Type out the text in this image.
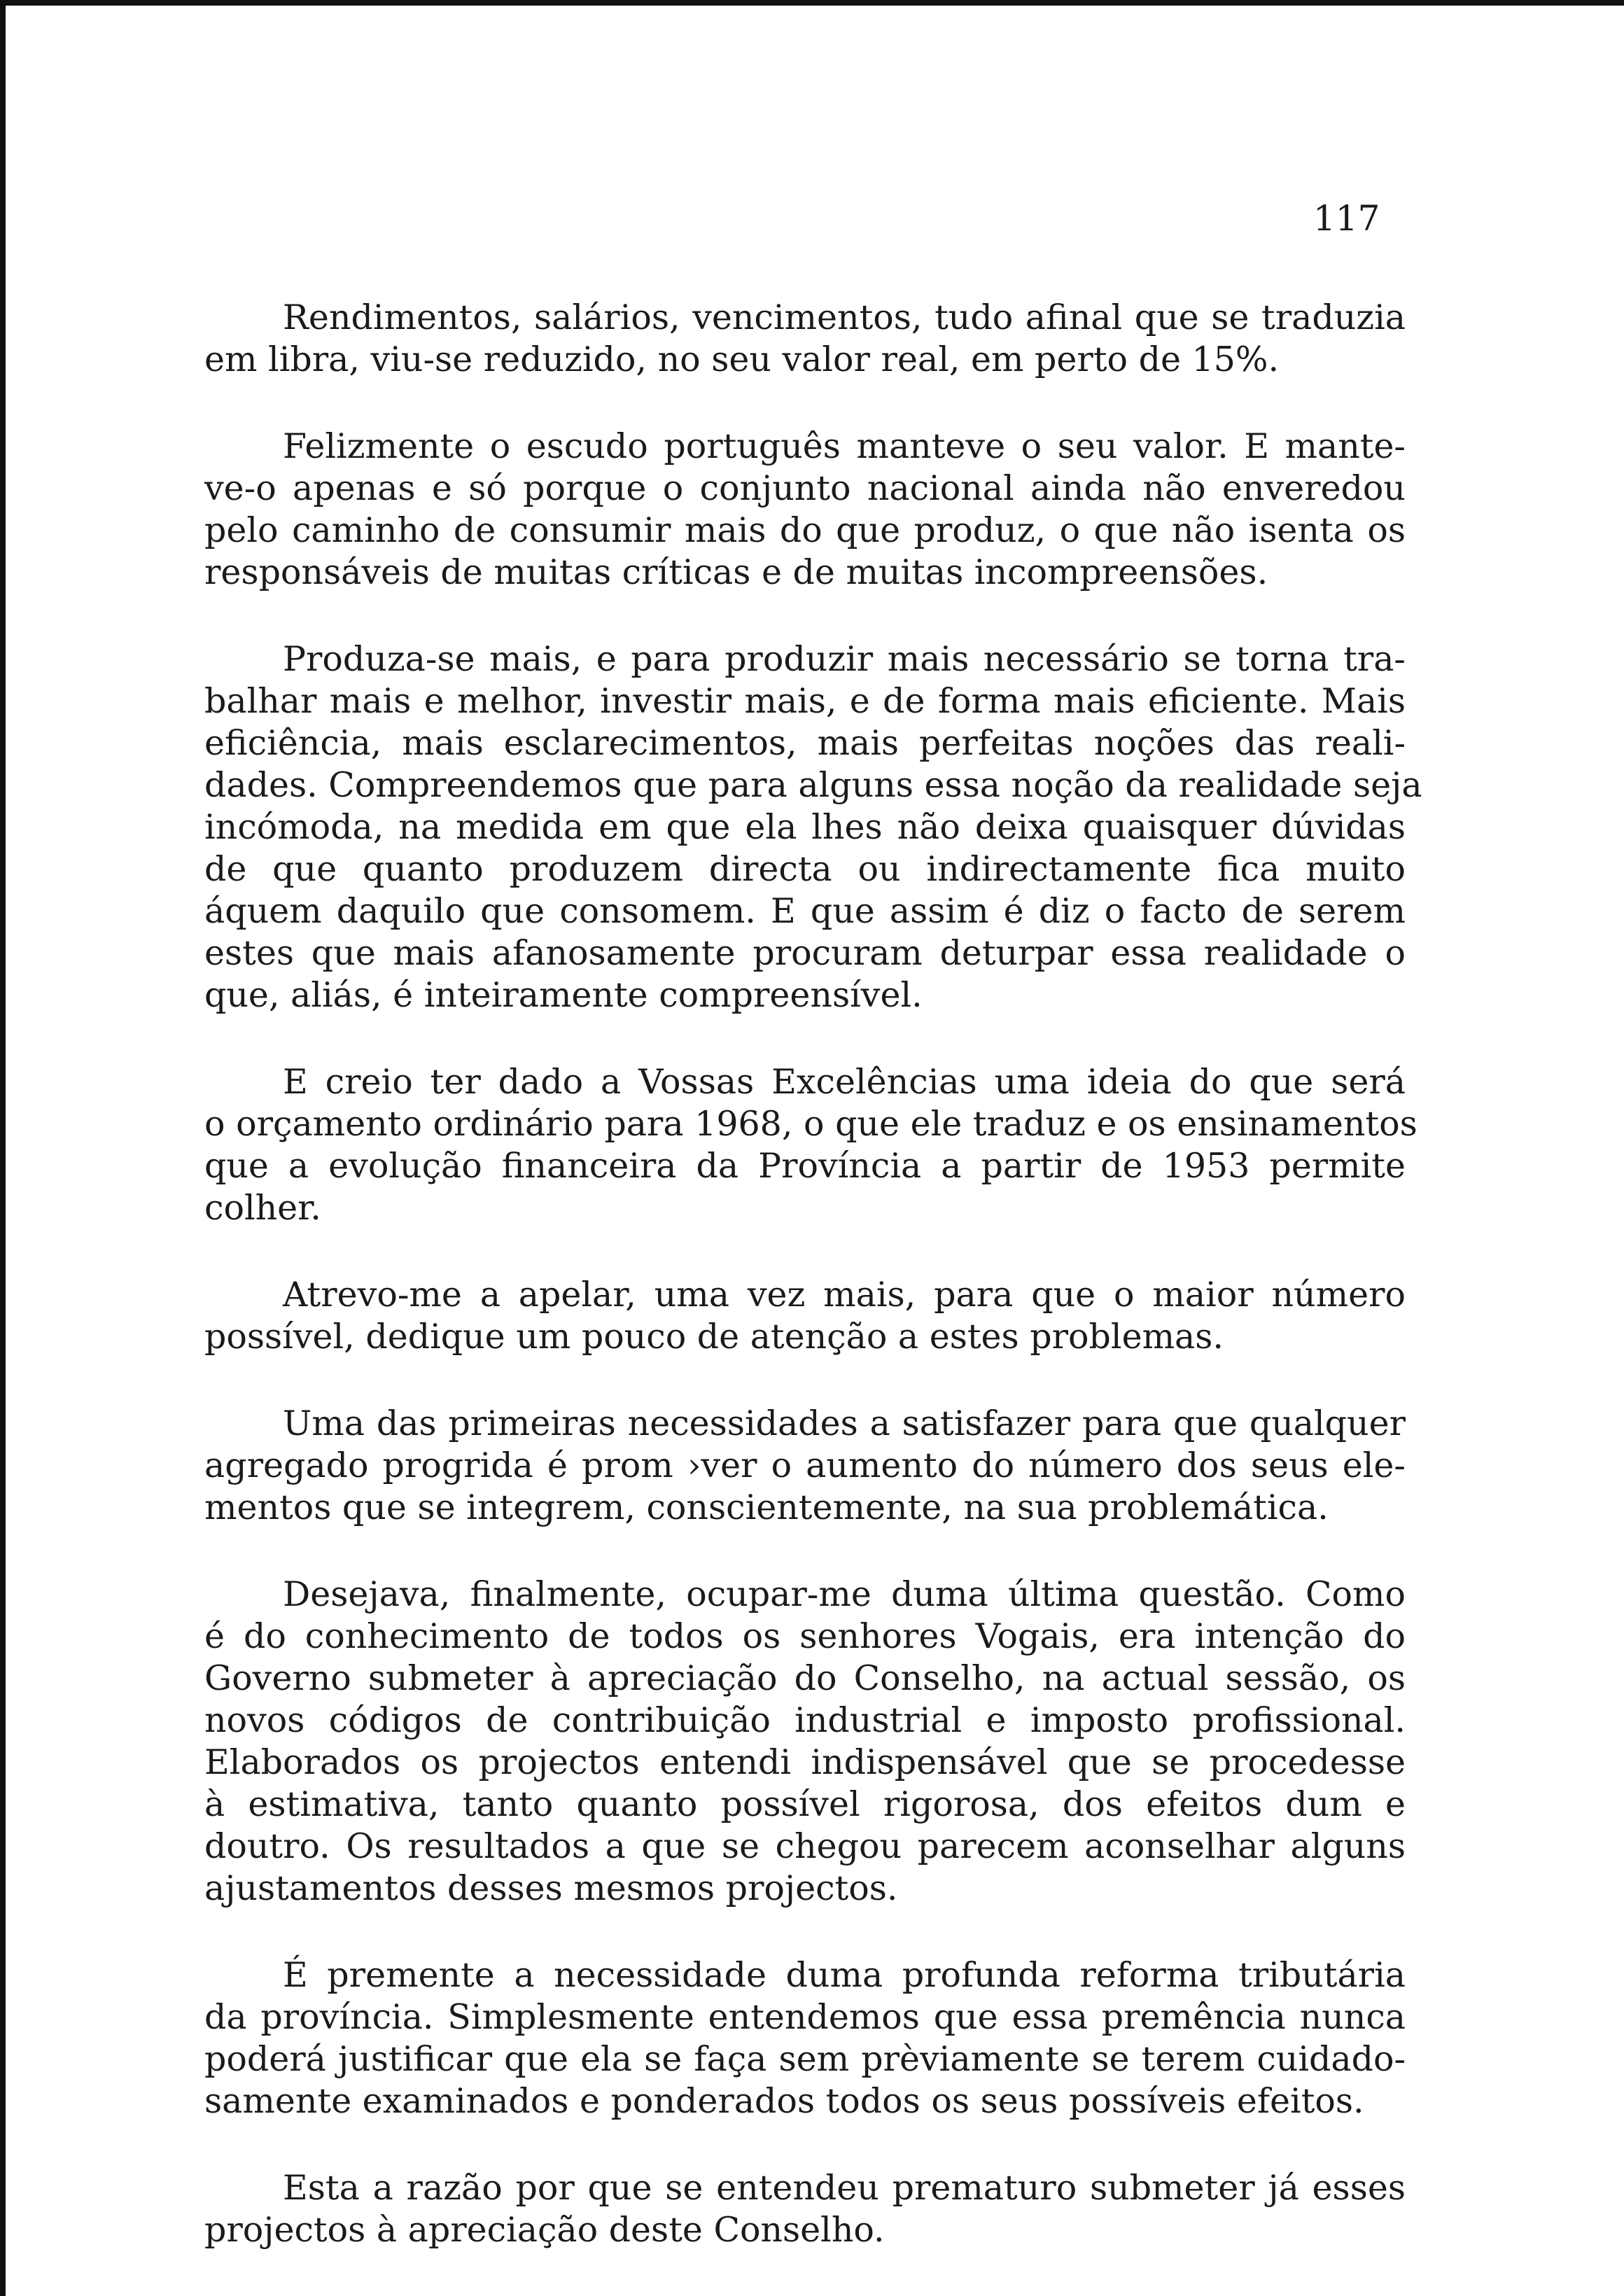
117

Rendimentos, salários, vencimentos, tudo afinal que se traduzia
em libra, viu-se reduzido, no seu valor real, em perto de 15%.

Felizmente o escudo português manteve o seu valor. E mante-
ve-o apenas e só porque o conjunto nacional ainda não enveredou
pelo caminho de consumir mais do que produz, o que não isenta os
responsáveis de muitas críticas e de muitas incompreensões.

Produza-se mais, e para produzir mais necessário se torna tra-
balhar mais e melhor, investir mais, e de forma mais eficiente. Mais
eficiência, mais esclarecimentos, mais perfeitas noções das reali-
dades. Compreendemos que para alguns essa noção da realidade seja
incómoda, na medida em que ela lhes não deixa quaisquer dúvidas
de que quanto produzem directa ou indirectamente fica muito
áquem daquilo que consomem. E que assim é diz o facto de serem
estes que mais afanosamente procuram deturpar essa realidade o
que, aliás, é inteiramente compreensível.

E creio ter dado a Vossas Excelências uma ideia do que será
o orçamento ordinário para 1968, o que ele traduz e os ensinamentos
que a evolução financeira da Província a partir de 1953 permite
colher.

Atrevo-me a apelar, uma vez mais, para que o maior número
possível, dedique um pouco de atenção a estes problemas.

Uma das primeiras necessidades a satisfazer para que qualquer
agregado progrida é prom ›ver o aumento do número dos seus ele-
mentos que se integrem, conscientemente, na sua problemática.

Desejava, finalmente, ocupar-me duma última questão. Como
é do conhecimento de todos os senhores Vogais, era intenção do
Governo submeter à apreciação do Conselho, na actual sessão, os
novos códigos de contribuição industrial e imposto profissional.
Elaborados os projectos entendi indispensável que se procedesse
à estimativa, tanto quanto possível rigorosa, dos efeitos dum e
doutro. Os resultados a que se chegou parecem aconselhar alguns
ajustamentos desses mesmos projectos.

É premente a necessidade duma profunda reforma tributária
da província. Simplesmente entendemos que essa premência nunca
poderá justificar que ela se faça sem prèviamente se terem cuidado-
samente examinados e ponderados todos os seus possíveis efeitos.

Esta a razão por que se entendeu prematuro submeter já esses
projectos à apreciação deste Conselho.
